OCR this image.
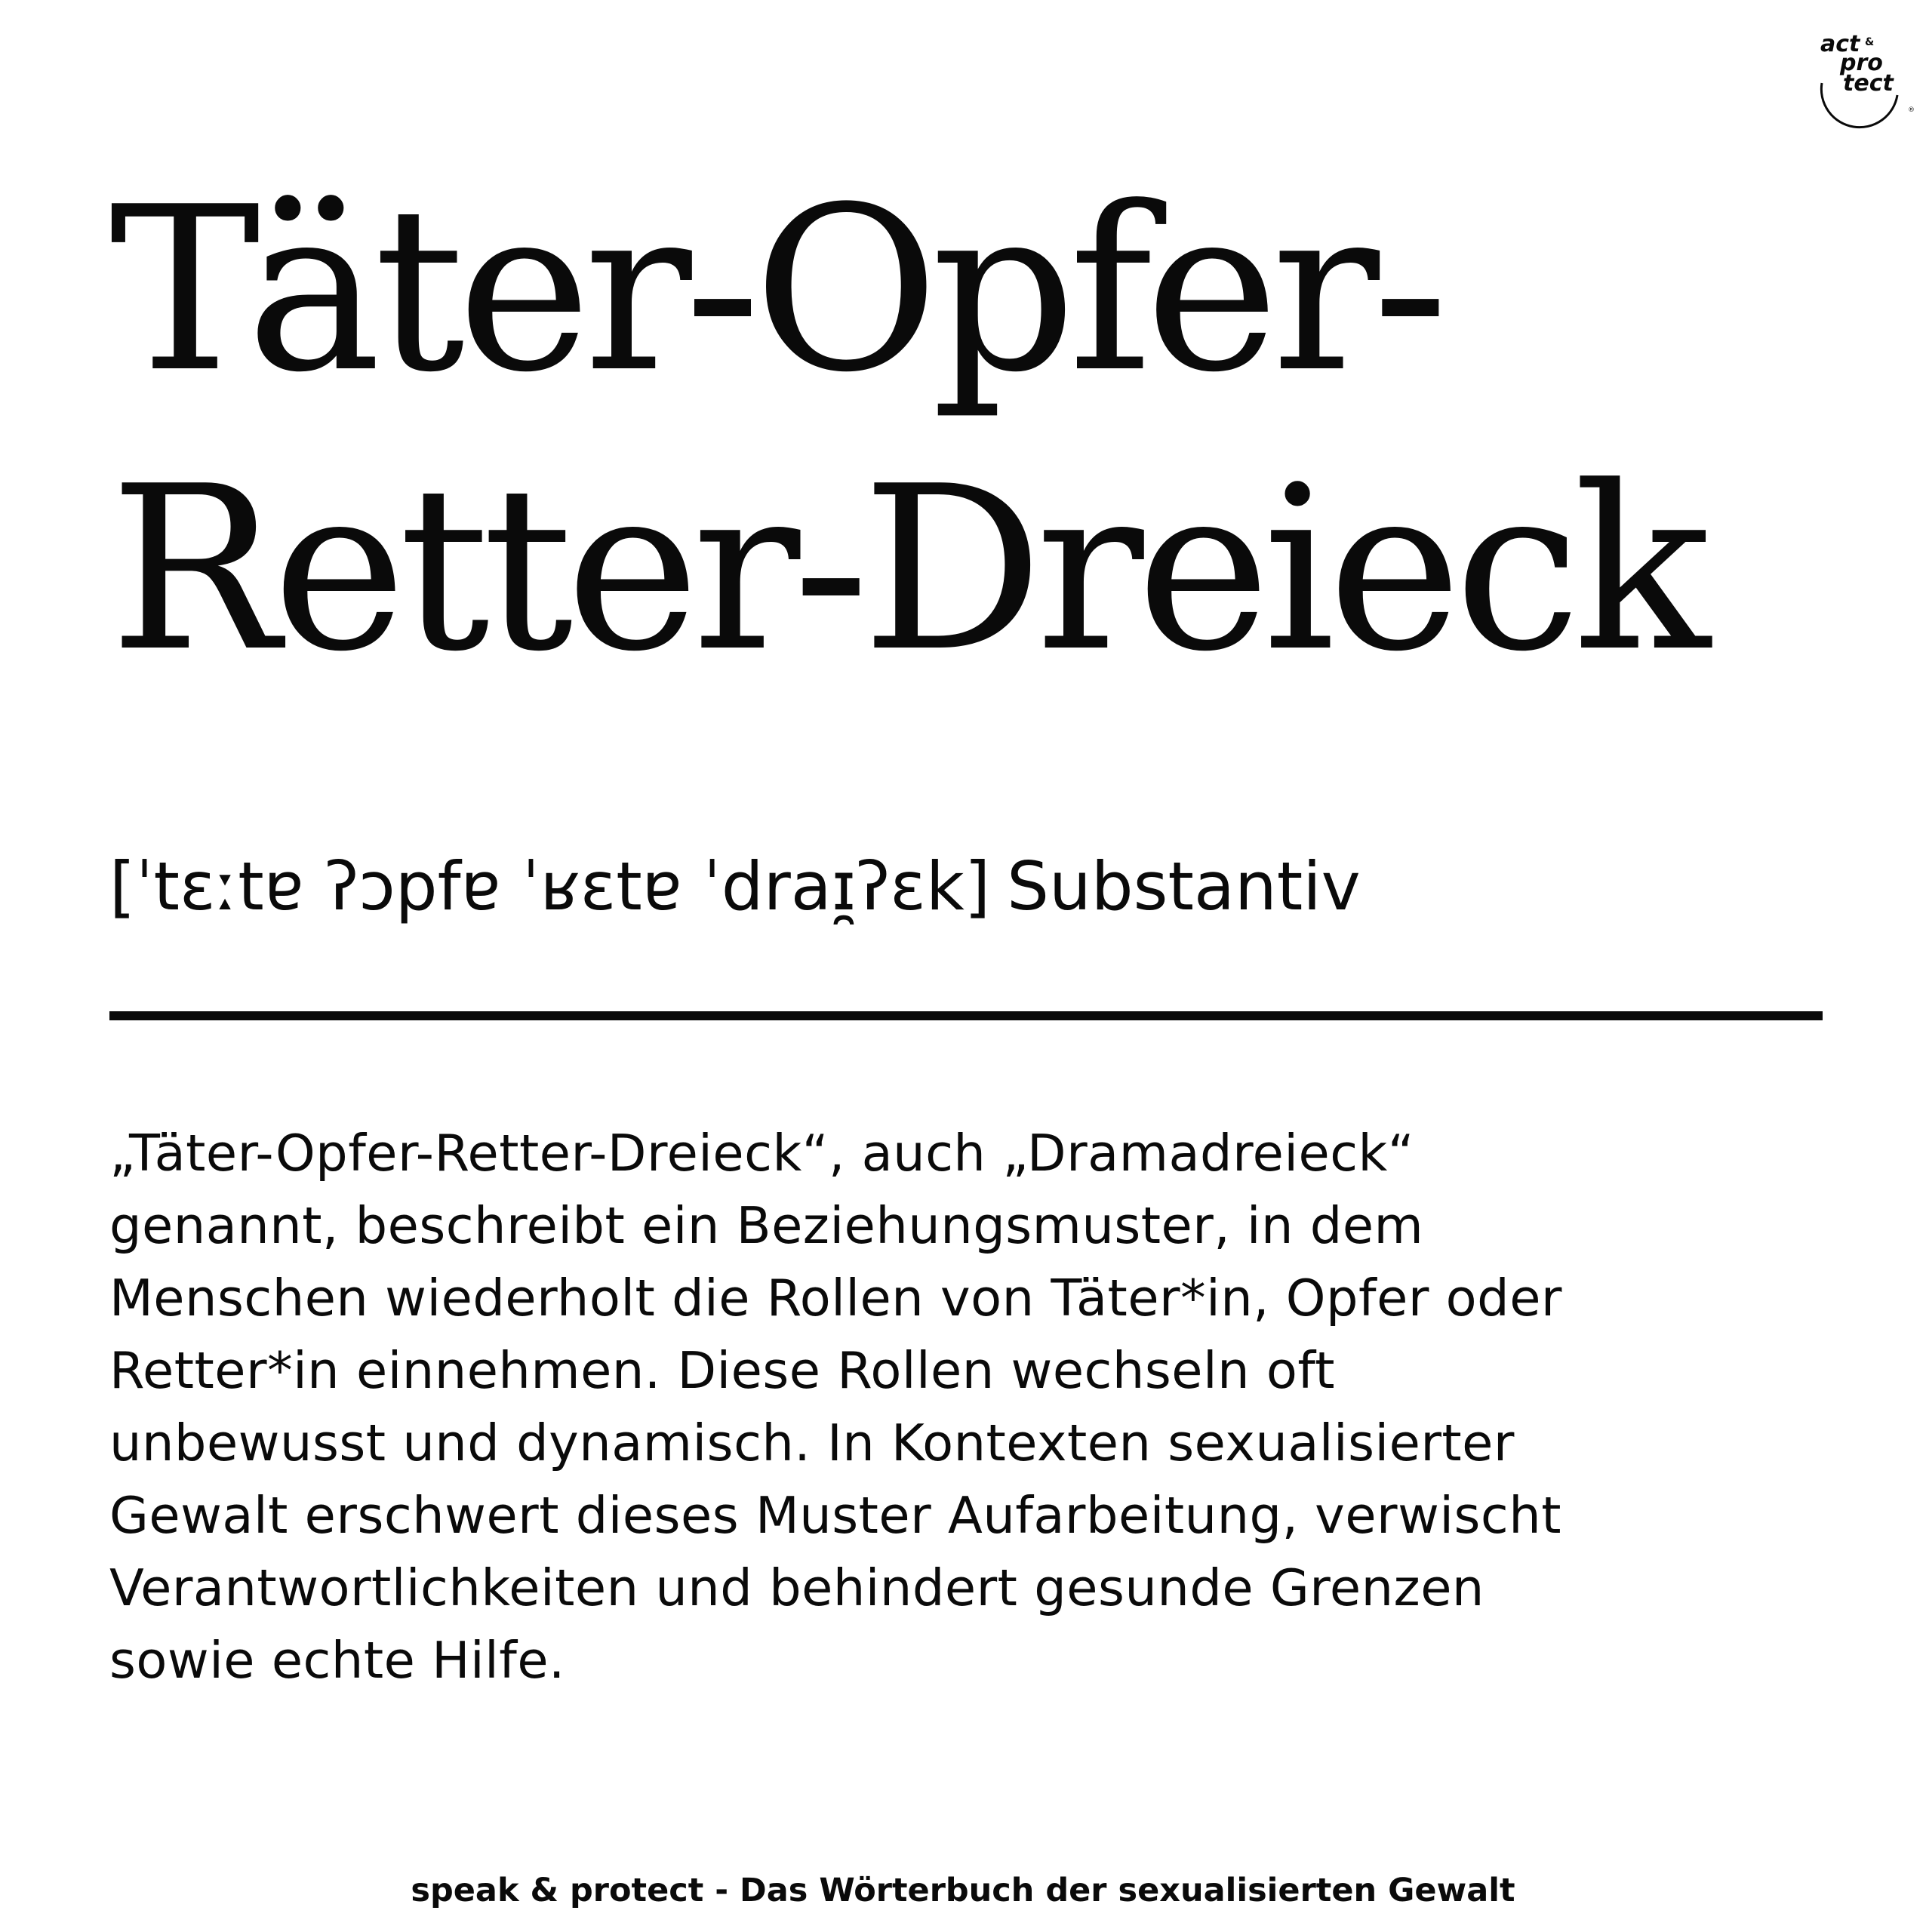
act &
pro
tect
®
Täter-Opfer-
Retter-Dreieck
[ˈtɛːtɐ ʔɔpfɐ ˈʁɛtɐ ˈdraɪ̯ʔɛk] Substantiv

„Täter-Opfer-Retter-Dreieck“, auch „Dramadreieck“
genannt, beschreibt ein Beziehungsmuster, in dem
Menschen wiederholt die Rollen von Täter*in, Opfer oder
Retter*in einnehmen. Diese Rollen wechseln oft
unbewusst und dynamisch. In Kontexten sexualisierter
Gewalt erschwert dieses Muster Aufarbeitung, verwischt
Verantwortlichkeiten und behindert gesunde Grenzen
sowie echte Hilfe.

speak & protect - Das Wörterbuch der sexualisierten Gewalt
